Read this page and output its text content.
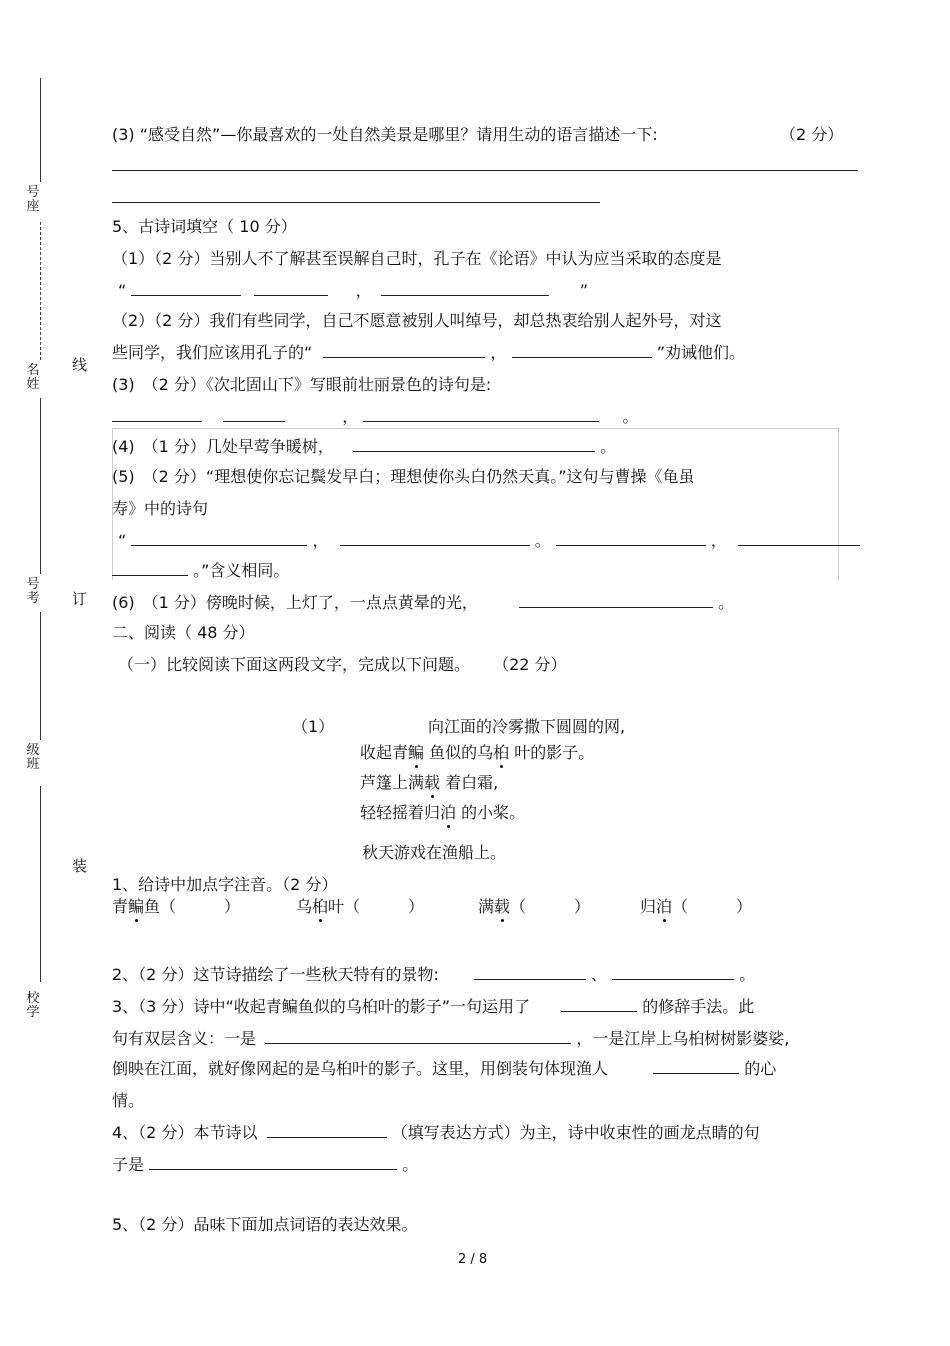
号座
名姓
号考
级班
校学
线
订
装
(3) “感受自然”—你最喜欢的一处自然美景是哪里？请用生动的语言描述一下:	（2 分）
5、古诗词填空（ 10 分）
（1）（2 分）当别人不了解甚至误解自己时，孔子在《论语》中认为应当采取的态度是
“	，	”
（2）（2 分）我们有些同学，自己不愿意被别人叫绰号，却总热衷给别人起外号，对这
些同学，我们应该用孔子的“	，	”劝诫他们。
(3)　（2 分）《次北固山下》写眼前壮丽景色的诗句是:
，	。
(4)　（1 分）几处早莺争暖树，	。
(5)　（2 分）“理想使你忘记鬓发早白；理想使你头白仍然天真。”这句与曹操《龟虽
寿》中的诗句
“	，	。	，
。”含义相同。
(6)　（1 分）傍晚时候，上灯了，一点点黄晕的光，	。
二、阅读（ 48 分）
（一）比较阅读下面这两段文字，完成以下问题。 （22 分）
（1）	向江面的冷雾撒下圆圆的网,
收起青鳊 鱼似的乌桕 叶的影子。
芦篷上满载 着白霜,
轻轻摇着归泊 的小桨。
秋天游戏在渔船上。
1、给诗中加点字注音。（2 分）
青鳊鱼（　　　）	乌桕叶（　　　）	满载（　　　）	归泊（　　　）
2、（2 分）这节诗描绘了一些秋天特有的景物:	、	。
3、（3 分）诗中“收起青鳊鱼似的乌桕叶的影子”一句运用了	的修辞手法。此
句有双层含义：一是	，一是江岸上乌桕树树影婆娑,
倒映在江面，就好像网起的是乌桕叶的影子。这里，用倒装句体现渔人	的心
情。
4、（2 分）本节诗以	（填写表达方式）为主，诗中收束性的画龙点睛的句
子是	。
5、（2 分）品味下面加点词语的表达效果。
2 / 8
